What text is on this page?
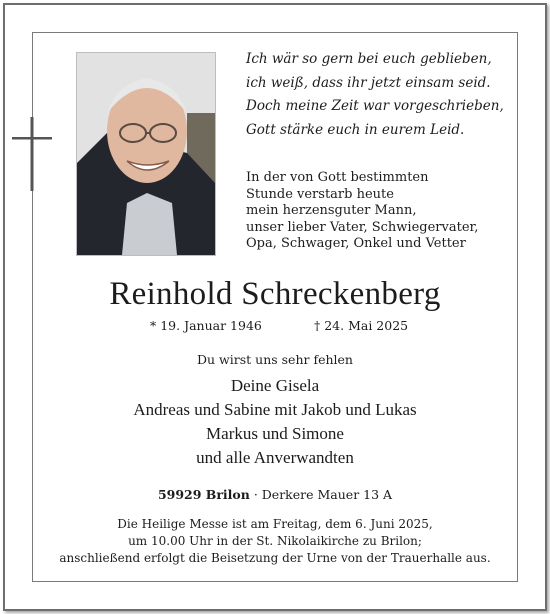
Ich wär so gern bei euch geblieben,
ich weiß, dass ihr jetzt einsam seid.
Doch meine Zeit war vorgeschrieben,
Gott stärke euch in eurem Leid.
In der von Gott bestimmten
Stunde verstarb heute
mein herzensguter Mann,
unser lieber Vater, Schwiegervater,
Opa, Schwager, Onkel und Vetter
Reinhold Schreckenberg
* 19. Januar 1946	† 24. Mai 2025
Du wirst uns sehr fehlen
Deine Gisela
Andreas und Sabine mit Jakob und Lukas
Markus und Simone
und alle Anverwandten
59929 Brilon · Derkere Mauer 13 A
Die Heilige Messe ist am Freitag, dem 6. Juni 2025,
um 10.00 Uhr in der St. Nikolaikirche zu Brilon;
anschließend erfolgt die Beisetzung der Urne von der Trauerhalle aus.
